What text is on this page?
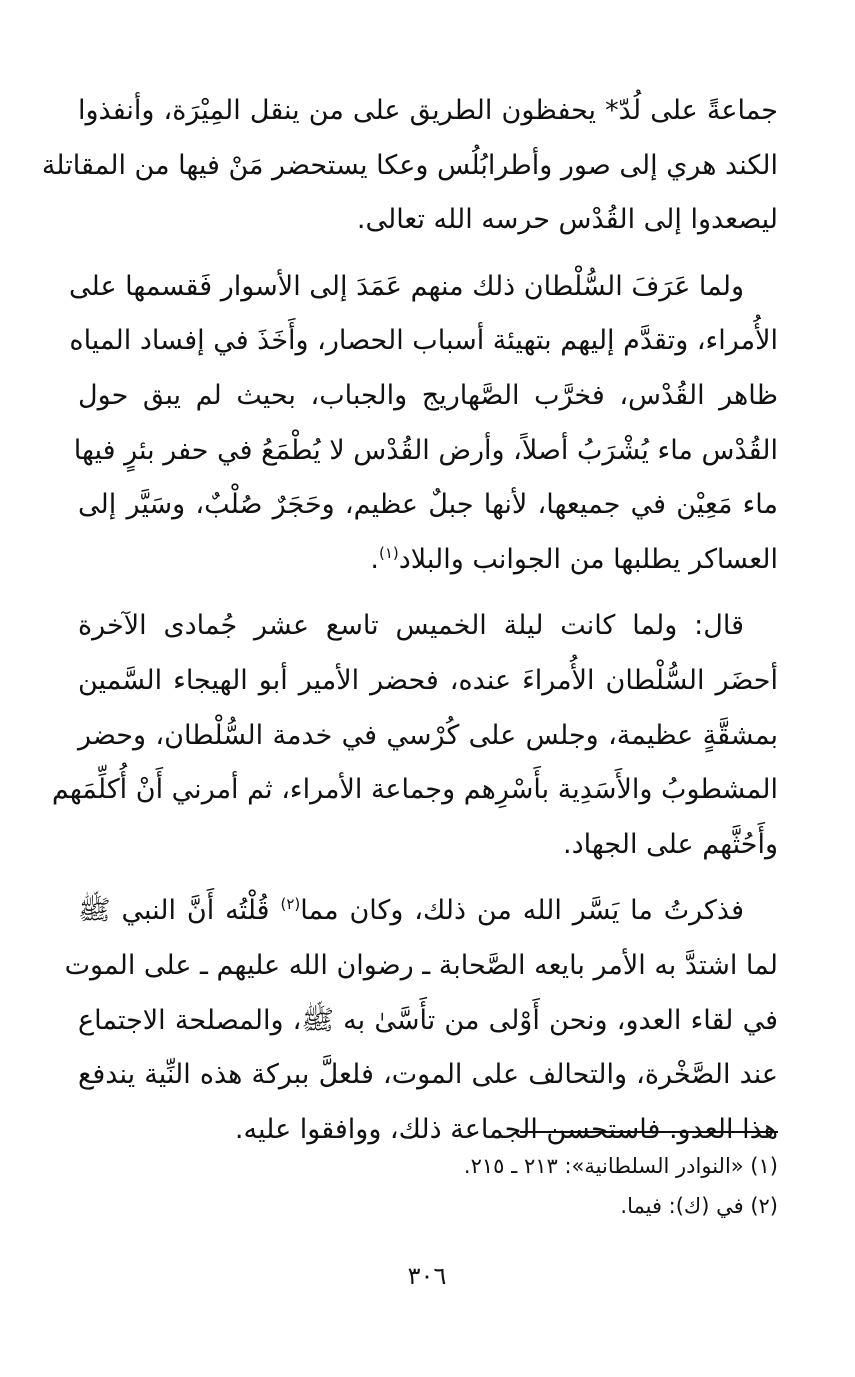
جماعةً على لُدّ* يحفظون الطريق على من ينقل المِيْرَة، وأنفذوا
الكند هري إلى صور وأطرابُلُس وعكا يستحضر مَنْ فيها من المقاتلة
ليصعدوا إلى القُدْس حرسه الله تعالى.
ولما عَرَفَ السُّلْطان ذلك منهم عَمَدَ إلى الأسوار فَقسمها على
الأُمراء، وتقدَّم إليهم بتهيئة أسباب الحصار، وأَخَذَ في إفساد المياه
ظاهر القُدْس، فخرَّب الصَّهاريج والجباب، بحيث لم يبق حول
القُدْس ماء يُشْرَبُ أصلاً، وأرض القُدْس لا يُطْمَعُ في حفر بئرٍ فيها
ماء مَعِيْن في جميعها، لأنها جبلٌ عظيم، وحَجَرٌ صُلْبٌ، وسَيَّر إلى
العساكر يطلبها من الجوانب والبلاد$^{(١)}$.
قال: ولما كانت ليلة الخميس تاسع عشر جُمادى الآخرة
أحضَر السُّلْطان الأُمراءَ عنده، فحضر الأمير أبو الهيجاء السَّمين
بمشقَّةٍ عظيمة، وجلس على كُرْسي في خدمة السُّلْطان، وحضر
المشطوبُ والأَسَدِية بأَسْرِهم وجماعة الأمراء، ثم أمرني أَنْ أُكلِّمَهم
وأَحُثَّهم على الجهاد.
فذكرتُ ما يَسَّر الله من ذلك، وكان مما$^{(٢)}$ قُلْتُه أَنَّ النبي ﷺ
لما اشتدَّ به الأمر بايعه الصَّحابة ـ رضوان الله عليهم ـ على الموت
في لقاء العدو، ونحن أَوْلى من تأَسَّىٰ به ﷺ، والمصلحة الاجتماع
عند الصَّخْرة، والتحالف على الموت، فلعلَّ ببركة هذه النِّية يندفع
هذا العدو. فاستحسن الجماعة ذلك، ووافقوا عليه.
(١) «النوادر السلطانية»: ٢١٣ ـ ٢١٥.
(٢) في (ك): فيما.
٣٠٦
